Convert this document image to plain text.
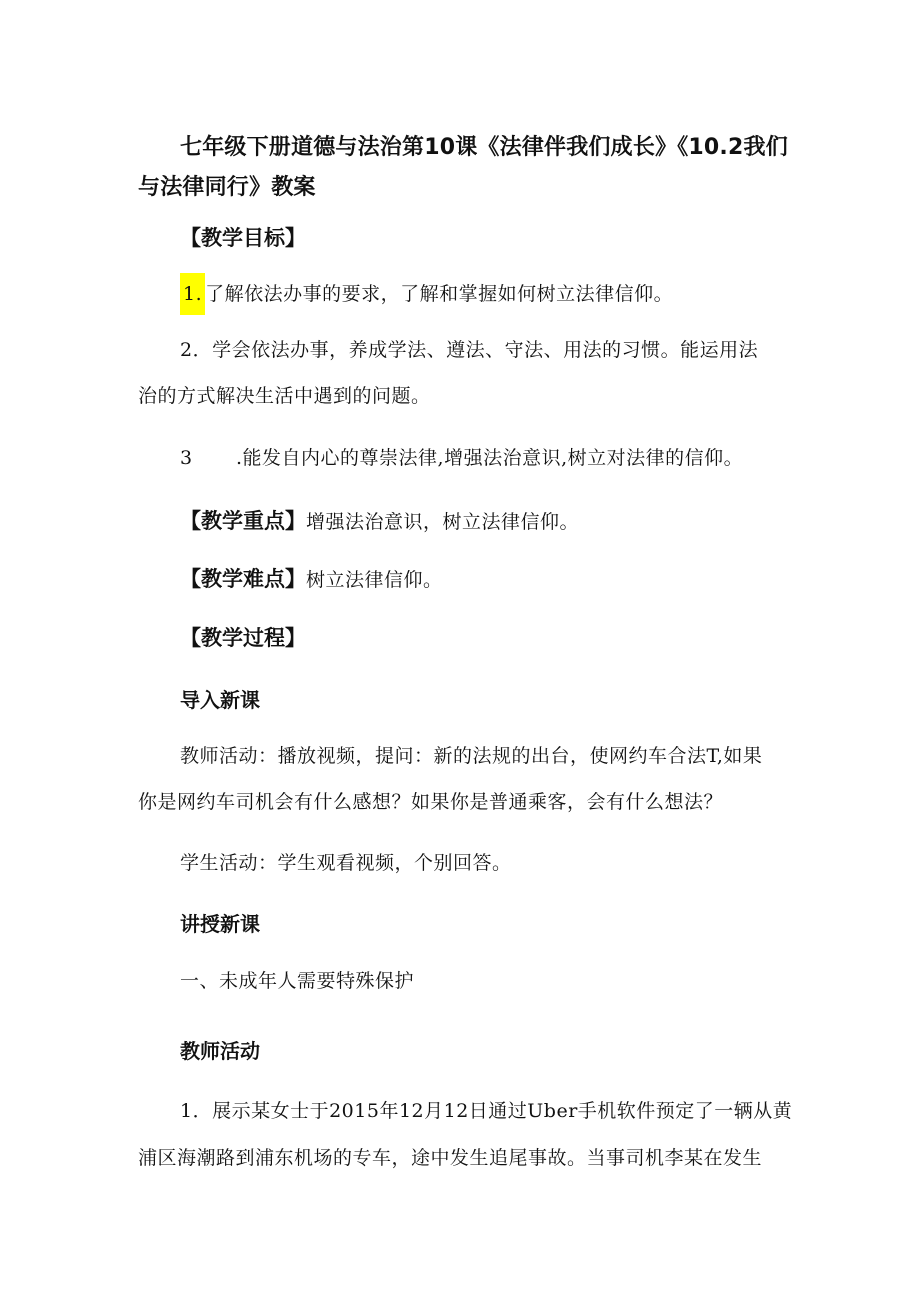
七年级下册道德与法治第10课《法律伴我们成长》《10.2我们
与法律同行》教案
【教学目标】
1. 了解依法办事的要求，了解和掌握如何树立法律信仰。
2．学会依法办事，养成学法、遵法、守法、用法的习惯。能运用法
治的方式解决生活中遇到的问题。
3 .能发自内心的尊崇法律,增强法治意识,树立对法律的信仰。
【教学重点】增强法治意识，树立法律信仰。
【教学难点】树立法律信仰。
【教学过程】
导入新课
教师活动：播放视频，提问：新的法规的出台，使网约车合法T,如果
你是网约车司机会有什么感想？如果你是普通乘客，会有什么想法？
学生活动：学生观看视频，个别回答。
讲授新课
一、未成年人需要特殊保护
教师活动
1．展示某女士于2015年12月12日通过Uber手机软件预定了一辆从黄
浦区海潮路到浦东机场的专车，途中发生追尾事故。当事司机李某在发生
